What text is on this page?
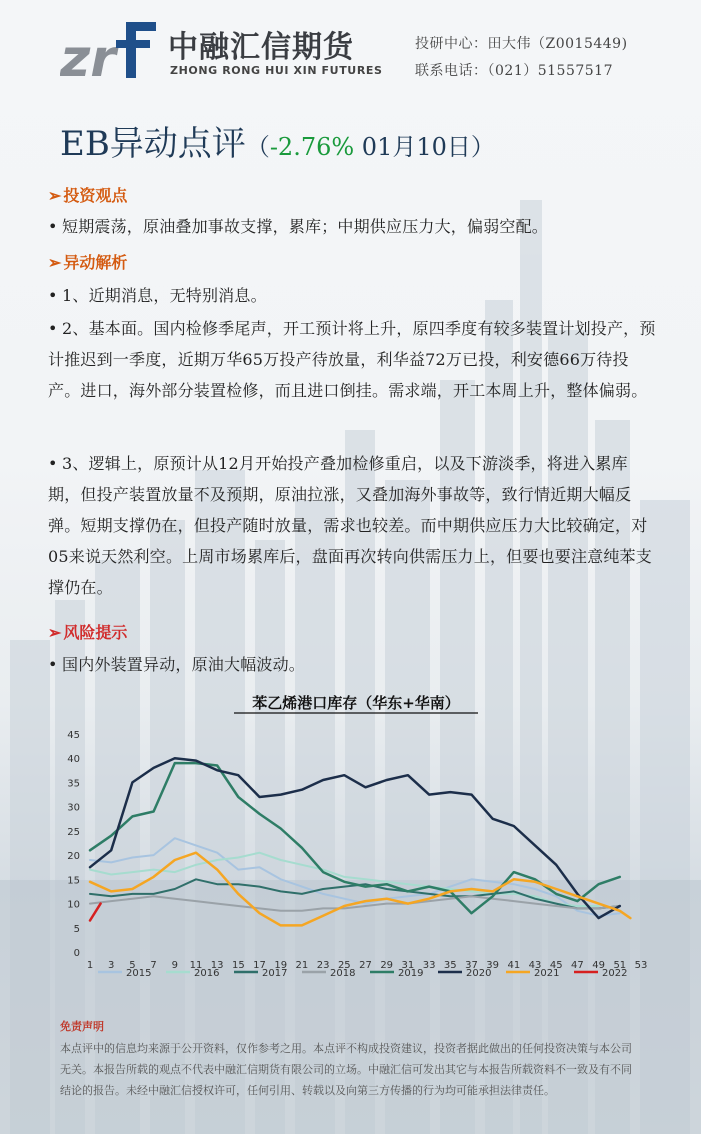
zr 中融汇信期货
ZHONG RONG HUI XIN FUTURES
投研中心：田大伟（Z0015449)
联系电话：（021）51557517
EB异动点评（-2.76% 01月10日）
➢ 投资观点
• 短期震荡，原油叠加事故支撑，累库；中期供应压力大，偏弱空配。
➢ 异动解析
• 1、近期消息，无特别消息。
• 2、基本面。国内检修季尾声，开工预计将上升，原四季度有较多装置计划投产，预计推迟到一季度，近期万华65万投产待放量，利华益72万已投，利安德66万待投产。进口，海外部分装置检修，而且进口倒挂。需求端，开工本周上升，整体偏弱。
• 3、逻辑上，原预计从12月开始投产叠加检修重启，以及下游淡季，将进入累库期，但投产装置放量不及预期，原油拉涨，又叠加海外事故等，致行情近期大幅反弹。短期支撑仍在，但投产随时放量，需求也较差。而中期供应压力大比较确定，对05来说天然利空。上周市场累库后，盘面再次转向供需压力上，但要也要注意纯苯支撑仍在。
➢ 风险提示
• 国内外装置异动，原油大幅波动。
苯乙烯港口库存（华东+华南）
0
5
10
15
20
25
30
35
40
45
1 3 5 7 9 11 13 15 17 19 21 23 25 27 29 31 33 35 37 39 41 43 45 47 49 51 53
2015	2016	2017	2018	2019	2020	2021	2022
免责声明
本点评中的信息均来源于公开资料，仅作参考之用。本点评不构成投资建议，投资者据此做出的任何投资决策与本公司无关。本报告所载的观点不代表中融汇信期货有限公司的立场。中融汇信可发出其它与本报告所载资料不一致及有不同结论的报告。未经中融汇信授权许可，任何引用、转载以及向第三方传播的行为均可能承担法律责任。
